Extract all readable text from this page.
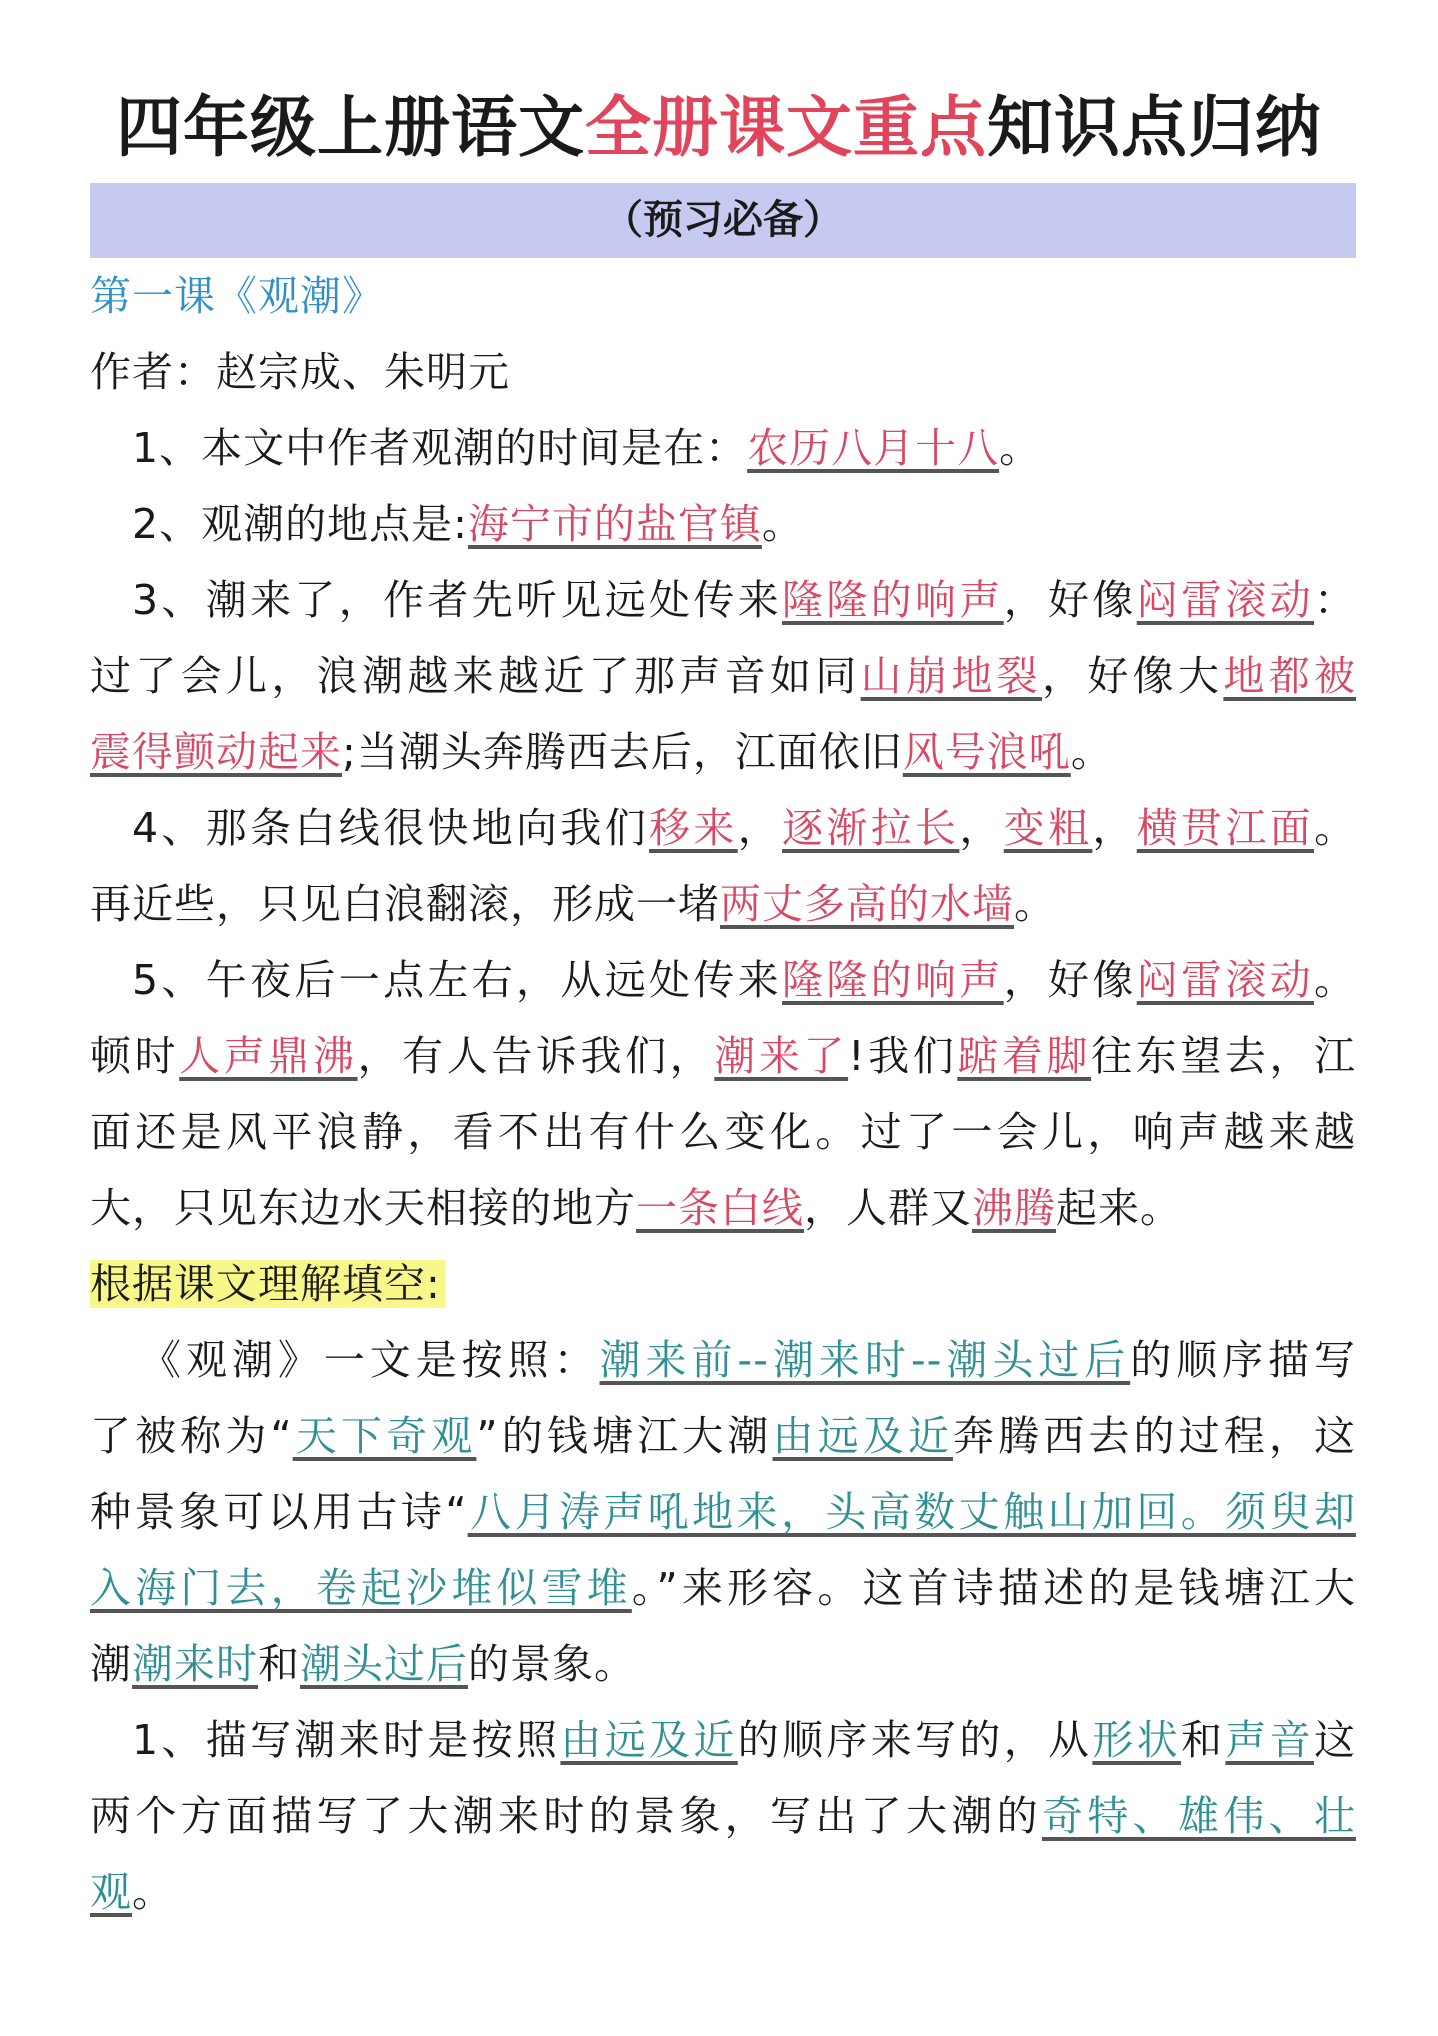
四年级上册语文全册课文重点知识点归纳
（预习必备）
第一课《观潮》
作者：赵宗成、朱明元
1、本文中作者观潮的时间是在：农历八月十八。
2、观潮的地点是:海宁市的盐官镇。
3、潮来了，作者先听见远处传来隆隆的响声，好像闷雷滚动：
过了会儿，浪潮越来越近了那声音如同山崩地裂，好像大地都被
震得颤动起来;当潮头奔腾西去后，江面依旧风号浪吼。
4、那条白线很快地向我们移来，逐渐拉长，变粗，横贯江面。
再近些，只见白浪翻滚，形成一堵两丈多高的水墙。
5、午夜后一点左右，从远处传来隆隆的响声，好像闷雷滚动。
顿时人声鼎沸，有人告诉我们，潮来了!我们踮着脚往东望去，江
面还是风平浪静，看不出有什么变化。过了一会儿，响声越来越
大，只见东边水天相接的地方一条白线，人群又沸腾起来。
根据课文理解填空:
《观潮》一文是按照：潮来前--潮来时--潮头过后的顺序描写
了被称为“天下奇观”的钱塘江大潮由远及近奔腾西去的过程，这
种景象可以用古诗“八月涛声吼地来，头高数丈触山加回。须臾却
入海门去，卷起沙堆似雪堆。”来形容。这首诗描述的是钱塘江大
潮潮来时和潮头过后的景象。
1、描写潮来时是按照由远及近的顺序来写的，从形状和声音这
两个方面描写了大潮来时的景象，写出了大潮的奇特、雄伟、壮
观。
